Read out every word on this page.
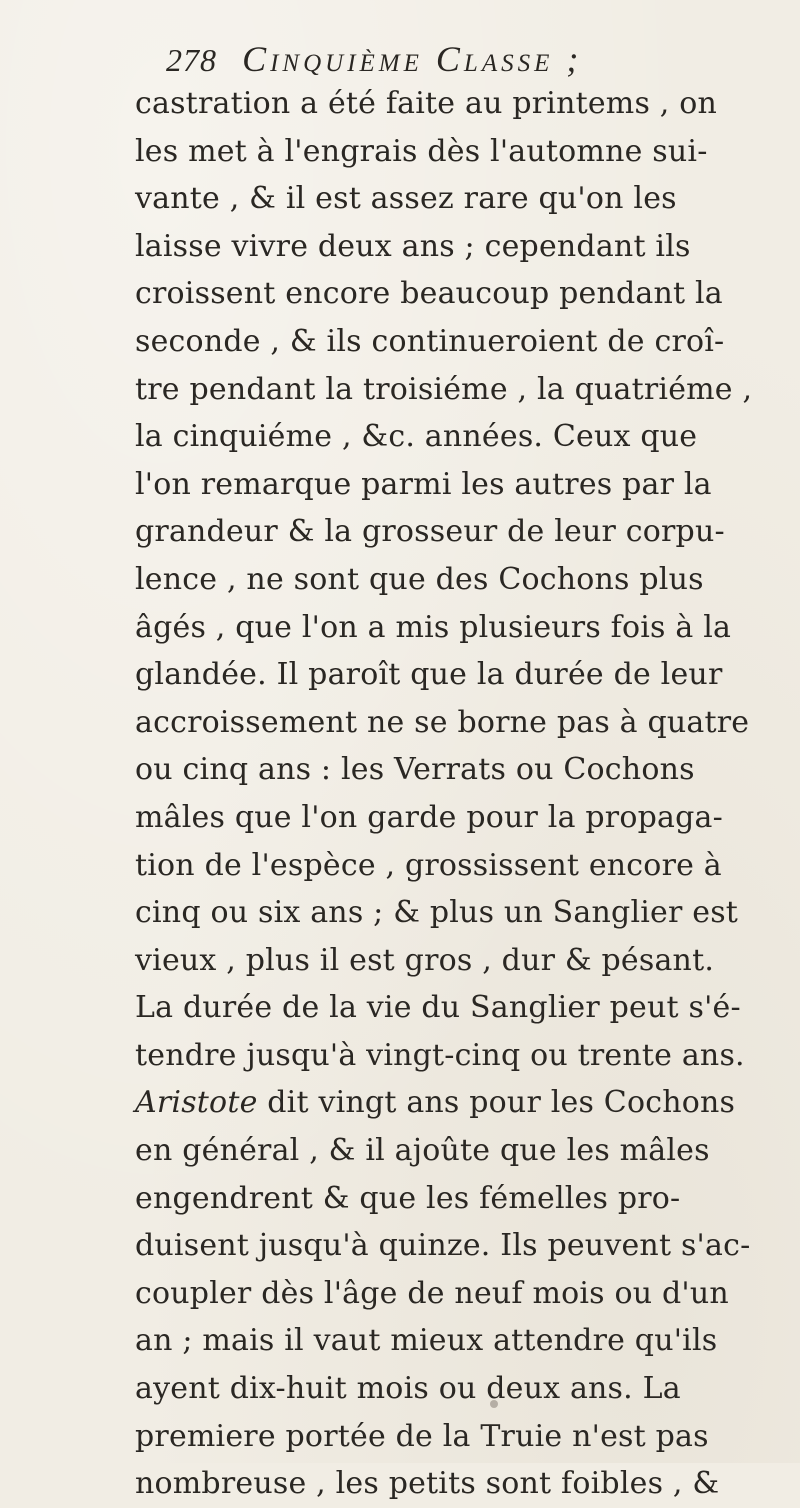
278 Cinquième Classe ;
castration a été faite au printems , on
les met à l'engrais dès l'automne sui-
vante , & il est assez rare qu'on les
laisse vivre deux ans ; cependant ils
croissent encore beaucoup pendant la
seconde , & ils continueroient de croî-
tre pendant la troisiéme , la quatriéme ,
la cinquiéme , &c. années. Ceux que
l'on remarque parmi les autres par la
grandeur & la grosseur de leur corpu-
lence , ne sont que des Cochons plus
âgés , que l'on a mis plusieurs fois à la
glandée. Il paroît que la durée de leur
accroissement ne se borne pas à quatre
ou cinq ans : les Verrats ou Cochons
mâles que l'on garde pour la propaga-
tion de l'espèce , grossissent encore à
cinq ou six ans ; & plus un Sanglier est
vieux , plus il est gros , dur & pésant.
La durée de la vie du Sanglier peut s'é-
tendre jusqu'à vingt-cinq ou trente ans.
Aristote dit vingt ans pour les Cochons
en général , & il ajoûte que les mâles
engendrent & que les fémelles pro-
duisent jusqu'à quinze. Ils peuvent s'ac-
coupler dès l'âge de neuf mois ou d'un
an ; mais il vaut mieux attendre qu'ils
ayent dix-huit mois ou deux ans. La
premiere portée de la Truie n'est pas
nombreuse , les petits sont foibles , &
